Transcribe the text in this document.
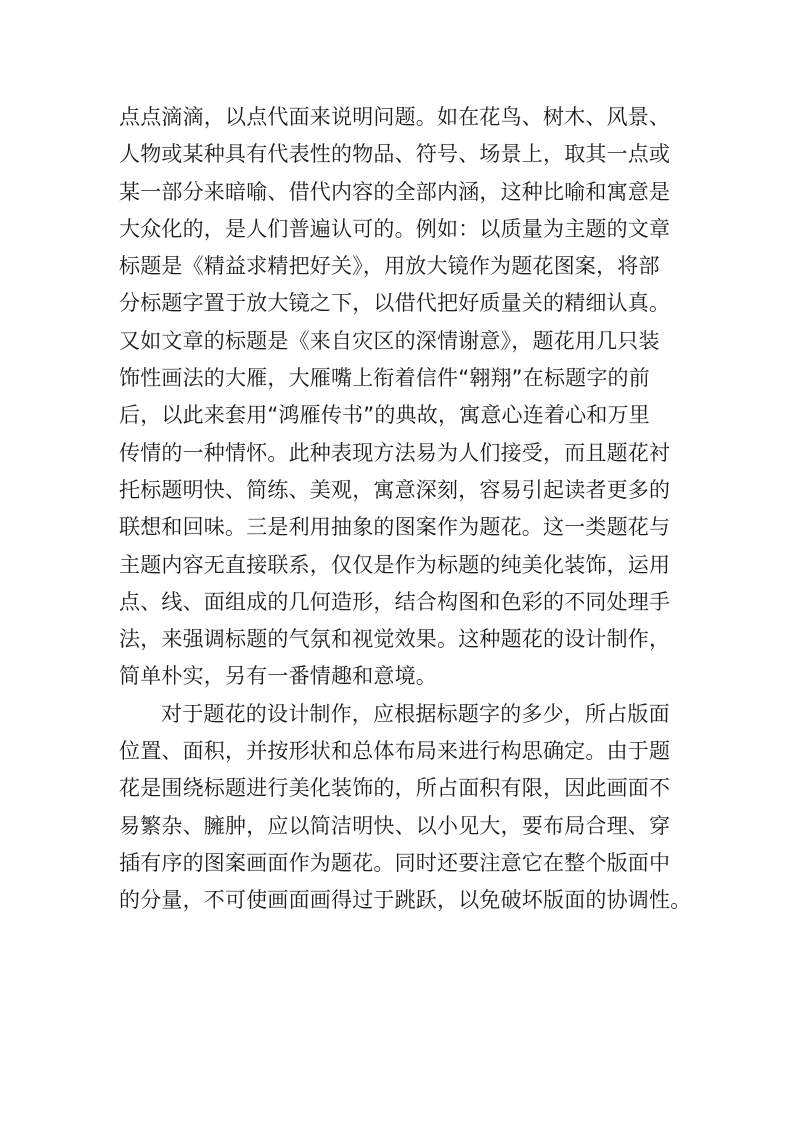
点点滴滴，以点代面来说明问题。如在花鸟、树木、风景、
人物或某种具有代表性的物品、符号、场景上，取其一点或
某一部分来暗喻、借代内容的全部内涵，这种比喻和寓意是
大众化的，是人们普遍认可的。例如：以质量为主题的文章
标题是《精益求精把好关》，用放大镜作为题花图案，将部
分标题字置于放大镜之下，以借代把好质量关的精细认真。
又如文章的标题是《来自灾区的深情谢意》，题花用几只装
饰性画法的大雁，大雁嘴上衔着信件“翱翔”在标题字的前
后，以此来套用“鸿雁传书”的典故，寓意心连着心和万里
传情的一种情怀。此种表现方法易为人们接受，而且题花衬
托标题明快、简练、美观，寓意深刻，容易引起读者更多的
联想和回味。三是利用抽象的图案作为题花。这一类题花与
主题内容无直接联系，仅仅是作为标题的纯美化装饰，运用
点、线、面组成的几何造形，结合构图和色彩的不同处理手
法，来强调标题的气氛和视觉效果。这种题花的设计制作，
简单朴实，另有一番情趣和意境。
对于题花的设计制作，应根据标题字的多少，所占版面
位置、面积，并按形状和总体布局来进行构思确定。由于题
花是围绕标题进行美化装饰的，所占面积有限，因此画面不
易繁杂、臃肿，应以简洁明快、以小见大，要布局合理、穿
插有序的图案画面作为题花。同时还要注意它在整个版面中
的分量，不可使画面画得过于跳跃，以免破坏版面的协调性。
